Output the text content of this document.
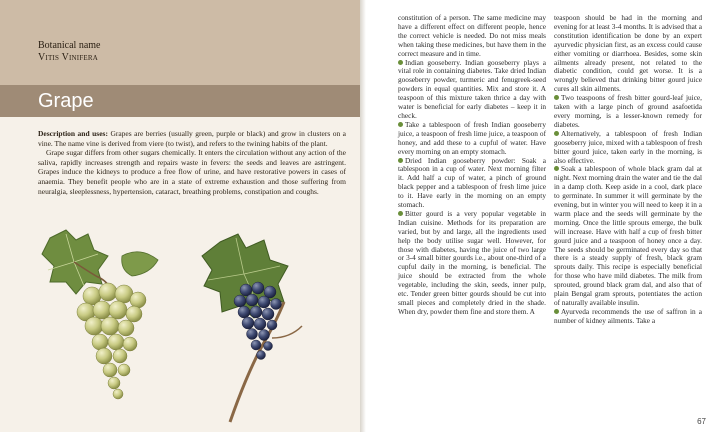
Botanical name
Vitis Vinifera
Grape

Description and uses: Grapes are berries (usually green, purple or black) and grow in clusters on a vine. The name vine is derived from viere (to twist), and refers to the twining habits of the plant.

Grape sugar differs from other sugars chemically. It enters the circulation without any action of the saliva, rapidly increases strength and repairs waste in fevers: the seeds and leaves are astringent. Grapes induce the kidneys to produce a free flow of urine, and have restorative powers in cases of anaemia. They benefit people who are in a state of extreme exhaustion and those suffering from neuralgia, sleeplessness, hypertension, cataract, breathing problems, constipation and coughs.

constitution of a person. The same medicine may have a different effect on different people, hence the correct vehicle is needed. Do not miss meals when taking these medicines, but have them in the correct measure and in time.

Indian gooseberry. Indian gooseberry plays a vital role in containing diabetes. Take dried Indian gooseberry powder, turmeric and fenugreek-seed powders in equal quantities. Mix and store it. A teaspoon of this mixture taken thrice a day with water is beneficial for early diabetes – keep it in check.

Take a tablespoon of fresh Indian gooseberry juice, a teaspoon of fresh lime juice, a teaspoon of honey, and add these to a cupful of water. Have every morning on an empty stomach.

Dried Indian gooseberry powder: Soak a tablespoon in a cup of water. Next morning filter it. Add half a cup of water, a pinch of ground black pepper and a tablespoon of fresh lime juice to it. Have early in the morning on an empty stomach.

Bitter gourd is a very popular vegetable in Indian cuisine. Methods for its preparation are varied, but by and large, all the ingredients used help the body utilise sugar well. However, for those with diabetes, having the juice of two large or 3-4 small bitter gourds i.e., about one-third of a cupful daily in the morning, is beneficial. The juice should be extracted from the whole vegetable, including the skin, seeds, inner pulp, etc. Tender green bitter gourds should be cut into small pieces and completely dried in the shade. When dry, powder them fine and store them. A

teaspoon should be had in the morning and evening for at least 3-4 months. It is advised that a constitution identification be done by an expert ayurvedic physician first, as an excess could cause either vomiting or diarrhoea. Besides, some skin ailments already present, not related to the diabetic condition, could get worse. It is a wrongly believed that drinking bitter gourd juice cures all skin ailments.

Two teaspoons of fresh bitter gourd-leaf juice, taken with a large pinch of ground asafoetida every morning, is a lesser-known remedy for diabetes.

Alternatively, a tablespoon of fresh Indian gooseberry juice, mixed with a tablespoon of fresh bitter gourd juice, taken early in the morning, is also effective.

Soak a tablespoon of whole black gram dal at night. Next morning drain the water and tie the dal in a damp cloth. Keep aside in a cool, dark place to germinate. In summer it will germinate by the evening, but in winter you will need to keep it in a warm place and the seeds will germinate by the morning. Once the little sprouts emerge, the bulk will increase. Have with half a cup of fresh bitter gourd juice and a teaspoon of honey once a day. The seeds should be germinated every day so that there is a steady supply of fresh, black gram sprouts daily. This recipe is especially beneficial for those who have mild diabetes. The milk from sprouted, ground black gram dal, and also that of plain Bengal gram sprouts, potentiates the action of naturally available insulin.

Ayurveda recommends the use of saffron in a number of kidney ailments. Take a

67
